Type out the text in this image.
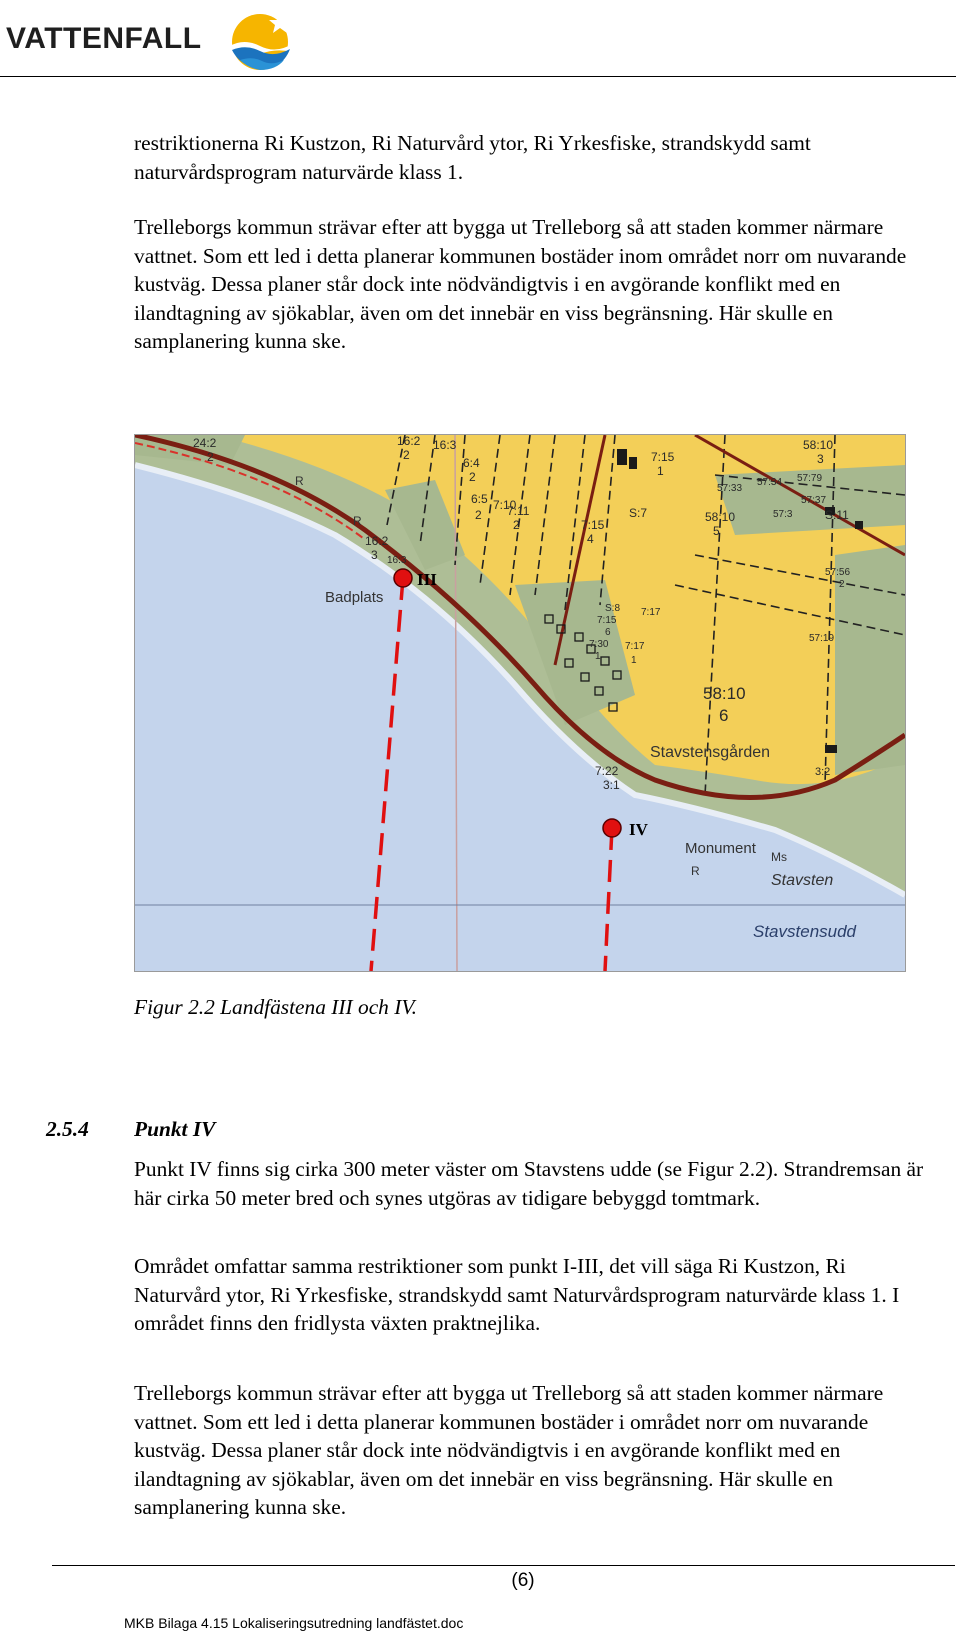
VATTENFALL

restriktionerna Ri Kustzon, Ri Naturvård ytor, Ri Yrkesfiske, strandskydd samt naturvårdsprogram naturvärde klass 1.

Trelleborgs kommun strävar efter att bygga ut Trelleborg så att staden kommer närmare vattnet. Som ett led i detta planerar kommunen bostäder inom området norr om nuvarande kustväg. Dessa planer står dock inte nödvändigtvis i en avgörande konflikt med en ilandtagning av sjökablar, även om det innebär en viss begränsning. Här skulle en samplanering kunna ske.

III
IV
Badplats
Stavstensgården
Monument Ms
Stavsten
Stavstensudd
R
R
R
24:2
2
16:2
2
16:3
6:4
2
7:15
1
58:10
3
6:5 7:10
7:11
2
2	7:15
4
S:7	58:10
5
57:33
57:34 57:79
57:37
57:3	S:11
16:2
3 16:3
S:8 7:17
7:15
6
7:30
1
7:17
1
57:56
2
57:19
58:10
6
7:22
3:1
3:2
Figur 2.2 Landfästena III och IV.
2.5.4 Punkt IV

Punkt IV finns sig cirka 300 meter väster om Stavstens udde (se Figur 2.2). Strandremsan är här cirka 50 meter bred och synes utgöras av tidigare bebyggd tomtmark.

Området omfattar samma restriktioner som punkt I-III, det vill säga Ri Kustzon, Ri Naturvård ytor, Ri Yrkesfiske, strandskydd samt Naturvårdsprogram naturvärde klass 1. I området finns den fridlysta växten praktnejlika.

Trelleborgs kommun strävar efter att bygga ut Trelleborg så att staden kommer närmare vattnet. Som ett led i detta planerar kommunen bostäder i området norr om nuvarande kustväg. Dessa planer står dock inte nödvändigtvis i en avgörande konflikt med en ilandtagning av sjökablar, även om det innebär en viss begränsning. Här skulle en samplanering kunna ske.

(6)
MKB Bilaga 4.15 Lokaliseringsutredning landfästet.doc
